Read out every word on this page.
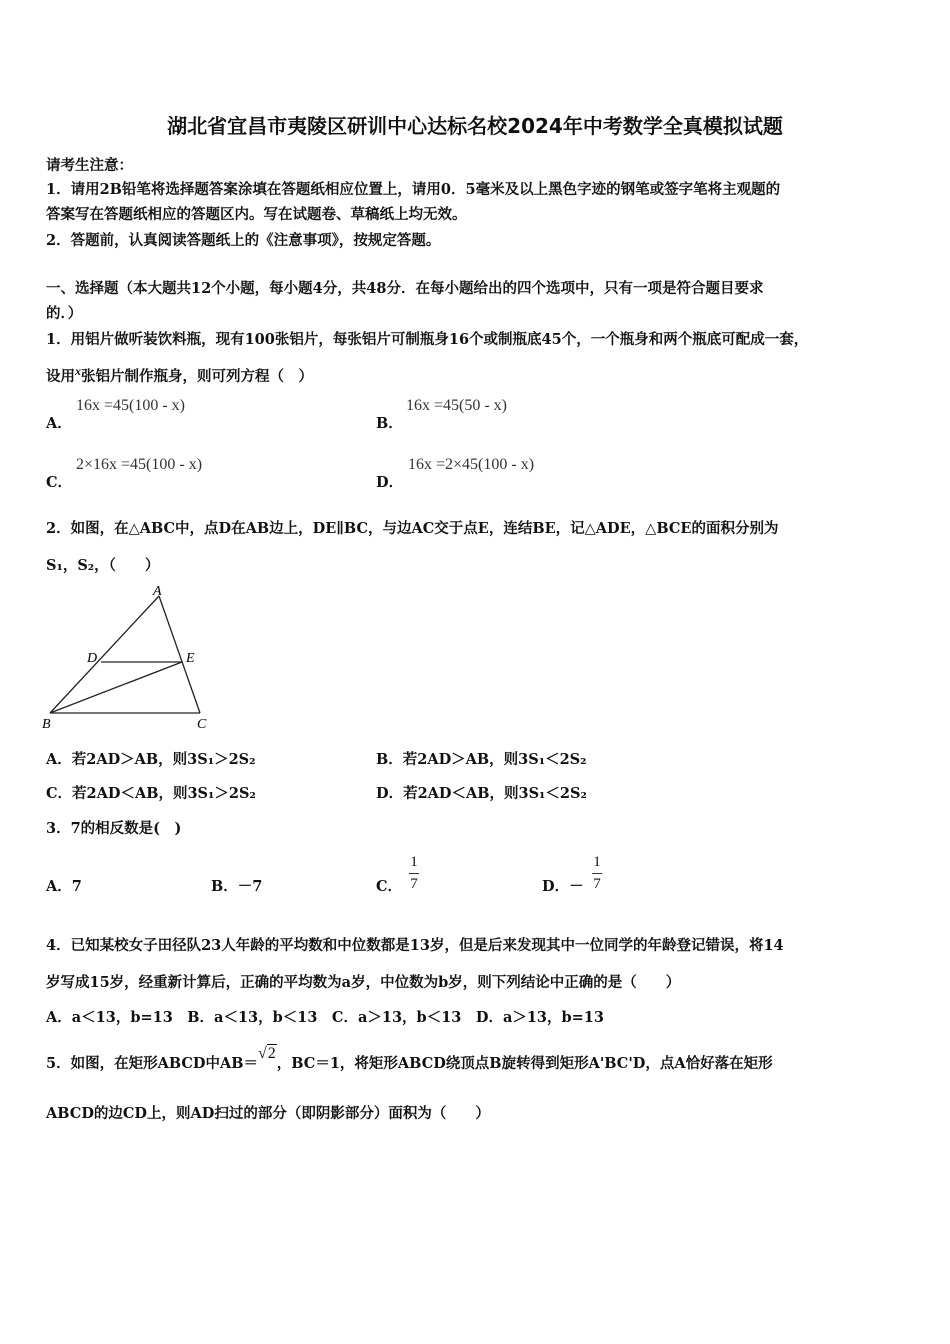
湖北省宜昌市夷陵区研训中心达标名校2024年中考数学全真模拟试题
请考生注意：
1．请用2B铅笔将选择题答案涂填在答题纸相应位置上，请用0．5毫米及以上黑色字迹的钢笔或签字笔将主观题的
答案写在答题纸相应的答题区内。写在试题卷、草稿纸上均无效。
2．答题前，认真阅读答题纸上的《注意事项》，按规定答题。
一、选择题（本大题共12个小题，每小题4分，共48分．在每小题给出的四个选项中，只有一项是符合题目要求
的．）
1．用铝片做听装饮料瓶，现有100张铝片，每张铝片可制瓶身16个或制瓶底45个，一个瓶身和两个瓶底可配成一套，
设用$^x$张铝片制作瓶身，则可列方程（　）
A．
16x =45(100 - x)
B．
16x =45(50 - x)
C．
2×16x =45(100 - x)
D．
16x =2×45(100 - x)
2．如图，在△ABC中，点D在AB边上，DE∥BC，与边AC交于点E，连结BE，记△ADE，△BCE的面积分别为
S₁，S₂，（　　）
A
B	C
D	E
A．若2AD＞AB，则3S₁＞2S₂	B．若2AD＞AB，则3S₁＜2S₂
C．若2AD＜AB，则3S₁＞2S₂	D．若2AD＜AB，则3S₁＜2S₂
3．7的相反数是(　)
A．7	B．－7	C． $\frac{1}{7}$	D．－ $\frac{1}{7}$
4．已知某校女子田径队23人年龄的平均数和中位数都是13岁，但是后来发现其中一位同学的年龄登记错误，将14
岁写成15岁，经重新计算后，正确的平均数为a岁，中位数为b岁，则下列结论中正确的是（　　）
A．a＜13，b=13　B．a＜13，b＜13　C．a＞13，b＜13　D．a＞13，b=13
5．如图，在矩形ABCD中AB＝√2，BC＝1，将矩形ABCD绕顶点B旋转得到矩形A'BC'D，点A恰好落在矩形
ABCD的边CD上，则AD扫过的部分（即阴影部分）面积为（　　）
